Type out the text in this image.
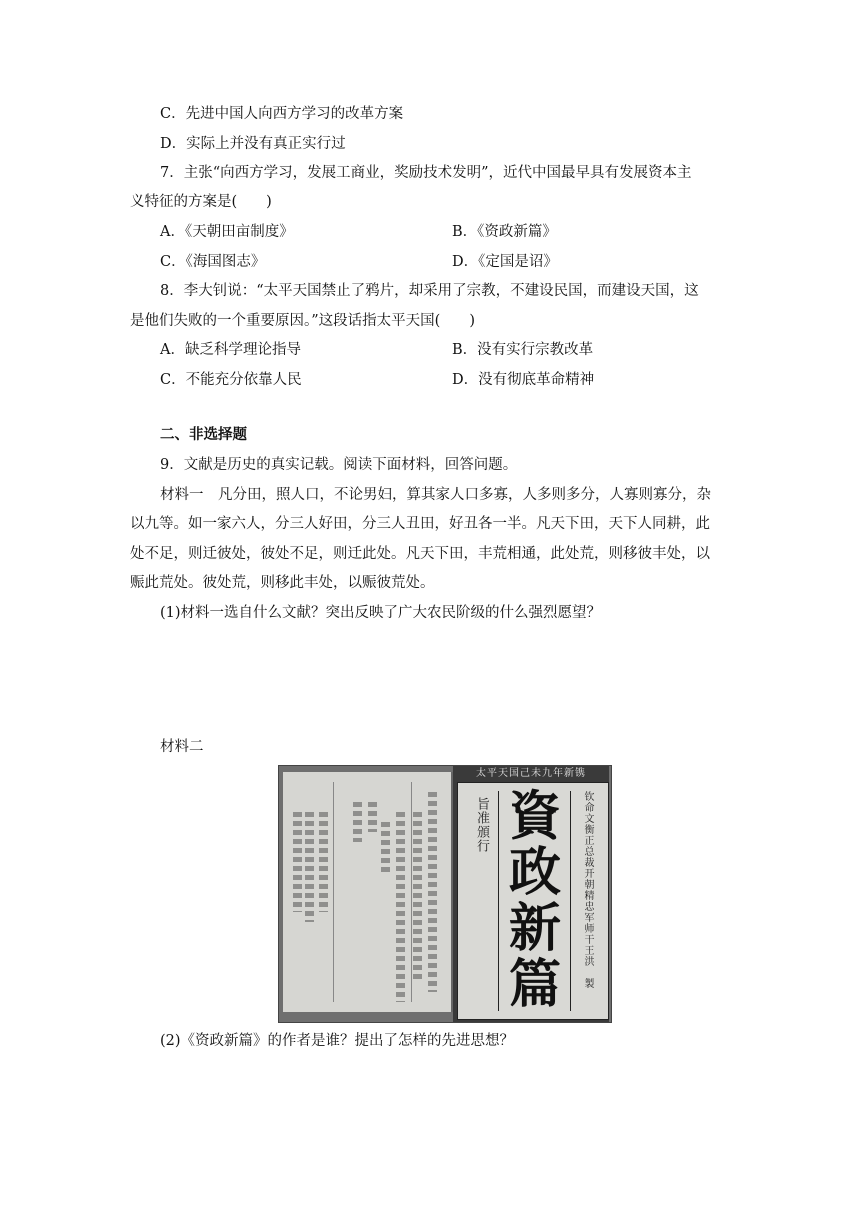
C．先进中国人向西方学习的改革方案
D．实际上并没有真正实行过
7．主张“向西方学习，发展工商业，奖励技术发明”，近代中国最早具有发展资本主
义特征的方案是(　　)
A．《天朝田亩制度》	B．《资政新篇》
C．《海国图志》	D．《定国是诏》
8．李大钊说：“太平天国禁止了鸦片，却采用了宗教，不建设民国，而建设天国，这
是他们失败的一个重要原因。”这段话指太平天国(　　)
A．缺乏科学理论指导	B．没有实行宗教改革
C．不能充分依靠人民	D．没有彻底革命精神
二、非选择题
9．文献是历史的真实记载。阅读下面材料，回答问题。
材料一　凡分田，照人口，不论男妇，算其家人口多寡，人多则多分，人寡则寡分，杂
以九等。如一家六人，分三人好田，分三人丑田，好丑各一半。凡天下田，天下人同耕，此
处不足，则迁彼处，彼处不足，则迁此处。凡天下田，丰荒相通，此处荒，则移彼丰处，以
赈此荒处。彼处荒，则移此丰处，以赈彼荒处。
(1)材料一选自什么文献？突出反映了广大农民阶级的什么强烈愿望？
材料二
太平天国己未九年新镌
旨准頒行	钦命文衡正总裁开朝精忠军师干王洪　製
資
政
新
篇
(2)《资政新篇》的作者是谁？提出了怎样的先进思想？
